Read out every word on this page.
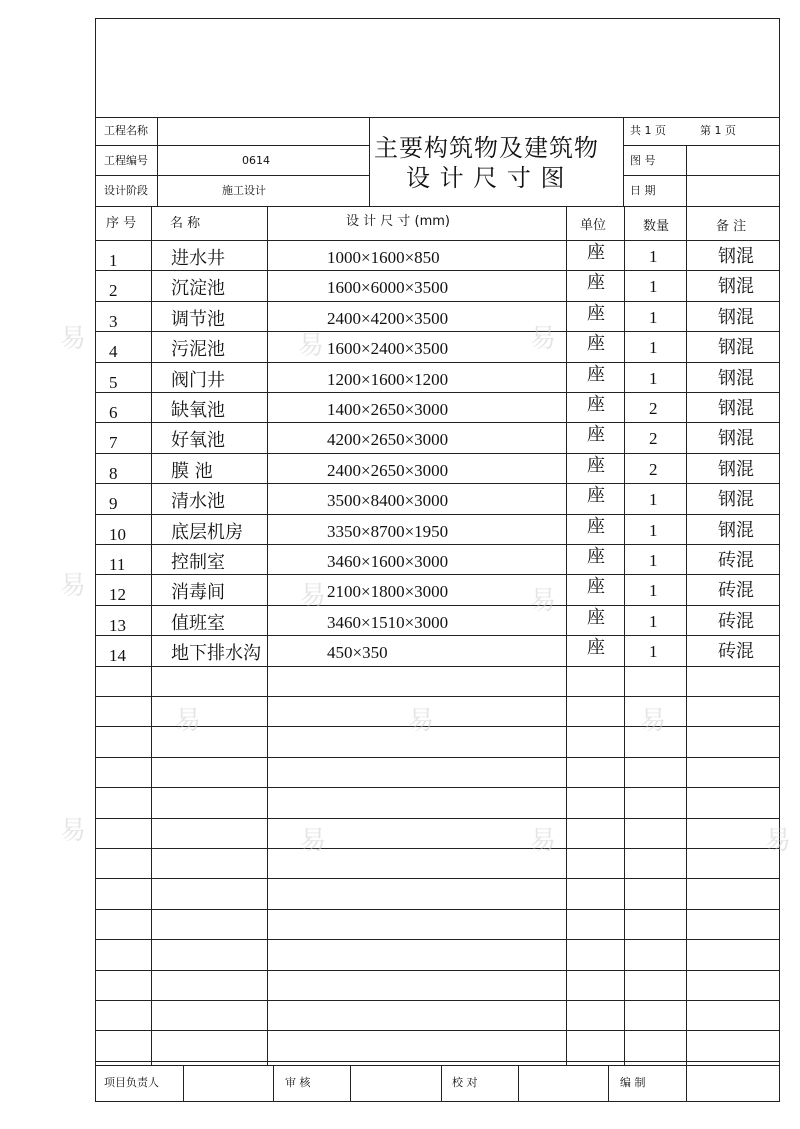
工程名称
工程编号	0614
设计阶段	施工设计
主要构筑物及建筑物
设 计 尺 寸 图
共 1 页	第 1 页
图 号
日 期
序 号	名 称	设 计 尺 寸 (mm)	单位	数量	备 注
1	进水井	1000×1600×850	座	1	钢混
2	沉淀池	1600×6000×3500	座	1	钢混
3	调节池	2400×4200×3500	座	1	钢混
4	污泥池	1600×2400×3500	座	1	钢混
5	阀门井	1200×1600×1200	座	1	钢混
6	缺氧池	1400×2650×3000	座	2	钢混
7	好氧池	4200×2650×3000	座	2	钢混
8	膜 池	2400×2650×3000	座	2	钢混
9	清水池	3500×8400×3000	座	1	钢混
10	底层机房	3350×8700×1950	座	1	钢混
11	控制室	3460×1600×3000	座	1	砖混
12	消毒间	2100×1800×3000	座	1	砖混
13	值班室	3460×1510×3000	座	1	砖混
14	地下排水沟	450×350	座	1	砖混
项目负责人	审 核	校 对	编 制
易	易	易
易	易	易
易	易	易
易	易	易	易
